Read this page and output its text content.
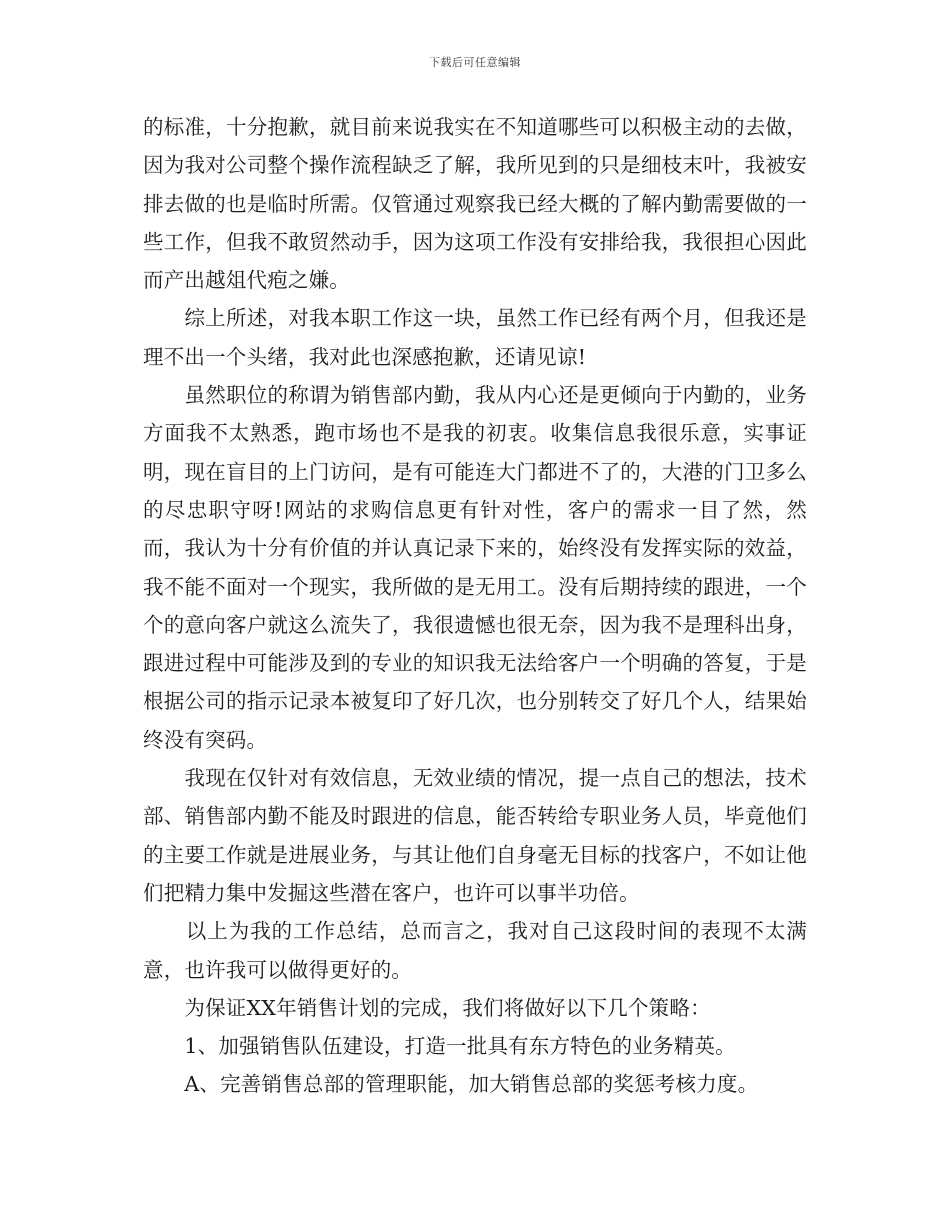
下载后可任意编辑

的标准，十分抱歉，就目前来说我实在不知道哪些可以积极主动的去做，因为我对公司整个操作流程缺乏了解，我所见到的只是细枝末叶，我被安排去做的也是临时所需。仅管通过观察我已经大概的了解内勤需要做的一些工作，但我不敢贸然动手，因为这项工作没有安排给我，我很担心因此而产出越俎代疱之嫌。

　　综上所述，对我本职工作这一块，虽然工作已经有两个月，但我还是理不出一个头绪，我对此也深感抱歉，还请见谅!

　　虽然职位的称谓为销售部内勤，我从内心还是更倾向于内勤的，业务方面我不太熟悉，跑市场也不是我的初衷。收集信息我很乐意，实事证明，现在盲目的上门访问，是有可能连大门都进不了的，大港的门卫多么的尽忠职守呀!网站的求购信息更有针对性，客户的需求一目了然，然而，我认为十分有价值的并认真记录下来的，始终没有发挥实际的效益，我不能不面对一个现实，我所做的是无用工。没有后期持续的跟进，一个个的意向客户就这么流失了，我很遗憾也很无奈，因为我不是理科出身，跟进过程中可能涉及到的专业的知识我无法给客户一个明确的答复，于是根据公司的指示记录本被复印了好几次，也分别转交了好几个人，结果始终没有突码。

　　我现在仅针对有效信息，无效业绩的情况，提一点自己的想法，技术部、销售部内勤不能及时跟进的信息，能否转给专职业务人员，毕竟他们的主要工作就是进展业务，与其让他们自身毫无目标的找客户，不如让他们把精力集中发掘这些潜在客户，也许可以事半功倍。

　　以上为我的工作总结，总而言之，我对自己这段时间的表现不太满意，也许我可以做得更好的。

　　为保证XX年销售计划的完成，我们将做好以下几个策略：

　　1、加强销售队伍建设，打造一批具有东方特色的业务精英。

　　A、完善销售总部的管理职能，加大销售总部的奖惩考核力度。
